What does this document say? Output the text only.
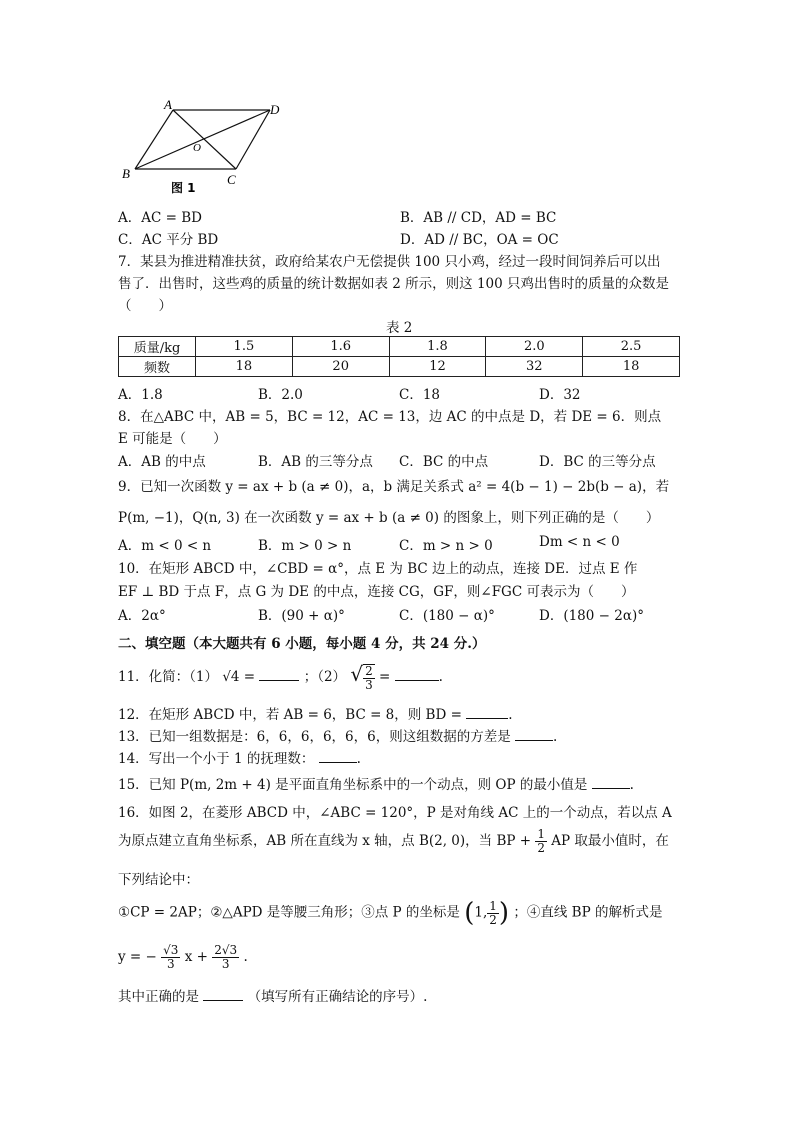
A	D
B	C
O
图 1
A．AC = BD	B．AB // CD，AD = BC
C．AC 平分 BD	D．AD // BC，OA = OC
7．某县为推进精准扶贫，政府给某农户无偿提供 100 只小鸡，经过一段时间饲养后可以出
售了．出售时，这些鸡的质量的统计数据如表 2 所示，则这 100 只鸡出售时的质量的众数是
（　　）
表 2
质量/kg	1.5	1.6	1.8	2.0	2.5
频数	18	20	12	32	18
A．1.8	B．2.0	C．18	D．32
8．在△ABC 中，AB = 5，BC = 12，AC = 13，边 AC 的中点是 D，若 DE = 6．则点
E 可能是（　　）
A．AB 的中点	B．AB 的三等分点 C．BC 的中点	D．BC 的三等分点
9．已知一次函数 y = ax + b (a ≠ 0)，a，b 满足关系式 a² = 4(b − 1) − 2b(b − a)，若
P(m, −1)，Q(n, 3) 在一次函数 y = ax + b (a ≠ 0) 的图象上，则下列正确的是（　　）
A．m < 0 < n	B．m > 0 > n	C．m > n > 0	Dm < n < 0
10．在矩形 ABCD 中，∠CBD = α°，点 E 为 BC 边上的动点，连接 DE．过点 E 作
EF ⊥ BD 于点 F，点 G 为 DE 的中点，连接 CG，GF，则∠FGC 可表示为（　　）
A．2α°	B．(90 + α)°	C．(180 − α)°	D．(180 − 2α)°
二、填空题（本大题共有 6 小题，每小题 4 分，共 24 分.）
11．化简：（1） √4 =	；（2） √ $\frac{2}{3}$ =	.
12．在矩形 ABCD 中，若 AB = 6，BC = 8，则 BD =	.
13．已知一组数据是：6，6，6，6，6，6，则这组数据的方差是	.
14．写出一个小于 1 的抚理数：	.
15．已知 P(m, 2m + 4) 是平面直角坐标系中的一个动点，则 OP 的最小值是	.
16．如图 2，在菱形 ABCD 中，∠ABC = 120°，P 是对角线 AC 上的一个动点，若以点 A
为原点建立直角坐标系，AB 所在直线为 x 轴，点 B(2, 0)，当 BP + $\frac{1}{2}$ AP 取最小值时，在
下列结论中：
①CP = 2AP；②△APD 是等腰三角形；③点 P 的坐标是 (1, $\frac{1}{2}$ ) ；④直线 BP 的解析式是
y = − $\frac{√3}{3}$ $x + \frac{2√3}{3}$ .
其中正确的是	（填写所有正确结论的序号）.
